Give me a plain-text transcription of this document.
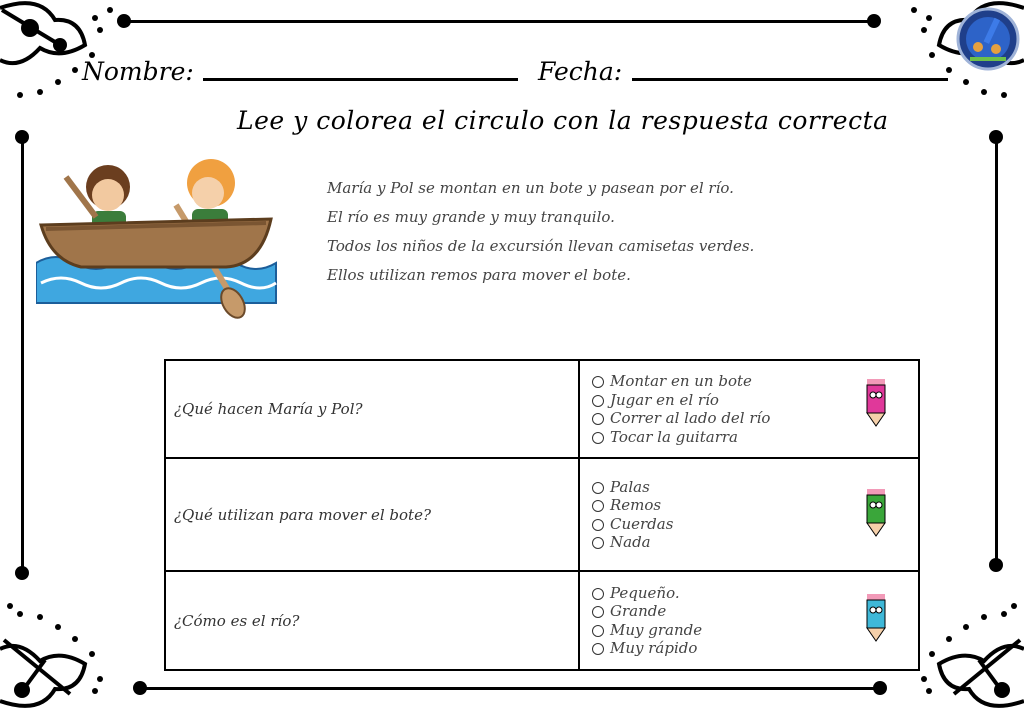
Nombre:	Fecha:
Lee y colorea el circulo con la respuesta correcta
María y Pol se montan en un bote y pasean por el río.
El río es muy grande y muy tranquilo.
Todos los niños de la excursión llevan camisetas verdes.
Ellos utilizan remos para mover el bote.
¿Qué hacen María y Pol?	Montar en un bote
Jugar en el río
Correr al lado del río
Tocar la guitarra

¿Qué utilizan para mover el bote?	Palas
Remos
Cuerdas
Nada

¿Cómo es el río?	Pequeño.
Grande
Muy grande
Muy rápido
